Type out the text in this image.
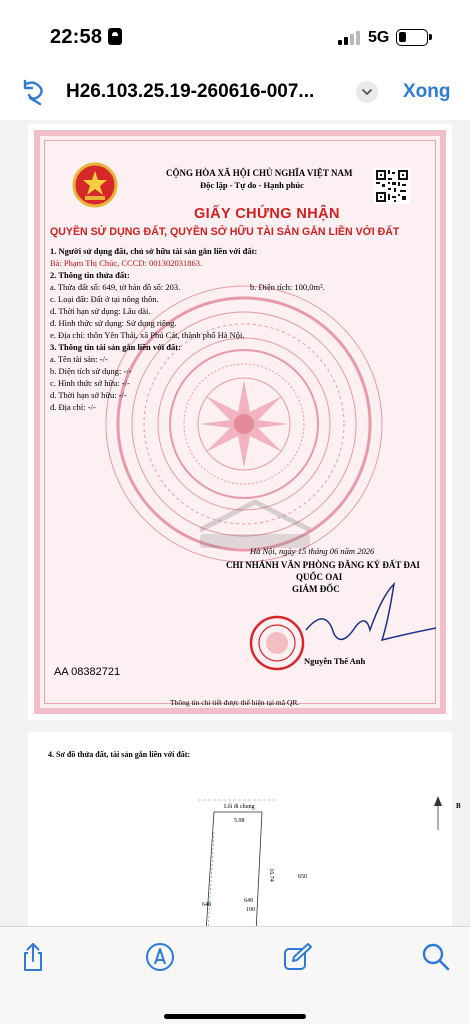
22:58	5G
H26.103.25.19-260616-007...	Xong
CỘNG HÒA XÃ HỘI CHỦ NGHĨA VIỆT NAM
Độc lập - Tự do - Hạnh phúc
GIẤY CHỨNG NHẬN
QUYỀN SỬ DỤNG ĐẤT, QUYỀN SỞ HỮU TÀI SẢN GẮN LIỀN VỚI ĐẤT
1. Người sử dụng đất, chủ sở hữu tài sản gắn liền với đất:
Bà: Phạm Thị Chúc, CCCD: 001302031863.
2. Thông tin thửa đất:
a. Thửa đất số: 649, tờ bản đồ số: 203.	b. Diện tích: 100,0m².
c. Loại đất: Đất ở tại nông thôn.
d. Thời hạn sử dụng: Lâu dài.
đ. Hình thức sử dụng: Sử dụng riêng.
e. Địa chỉ: thôn Yên Thái, xã Phú Cát, thành phố Hà Nội.
3. Thông tin tài sản gắn liền với đất:
a. Tên tài sản: -/-
b. Diện tích sử dụng: -/-
c. Hình thức sở hữu: -/-
d. Thời hạn sở hữu: -/-
đ. Địa chỉ: -/-
Hà Nội, ngày 15 tháng 06 năm 2026
CHI NHÁNH VĂN PHÒNG ĐĂNG KÝ ĐẤT ĐAI
QUỐC OAI
GIÁM ĐỐC
Nguyễn Thế Anh
AA 08382721
Thông tin chi tiết được thể hiện tại mã QR.
4. Sơ đồ thửa đất, tài sản gắn liền với đất:
Lối đi chung
5.98
16.74
648
649
100
650
B
